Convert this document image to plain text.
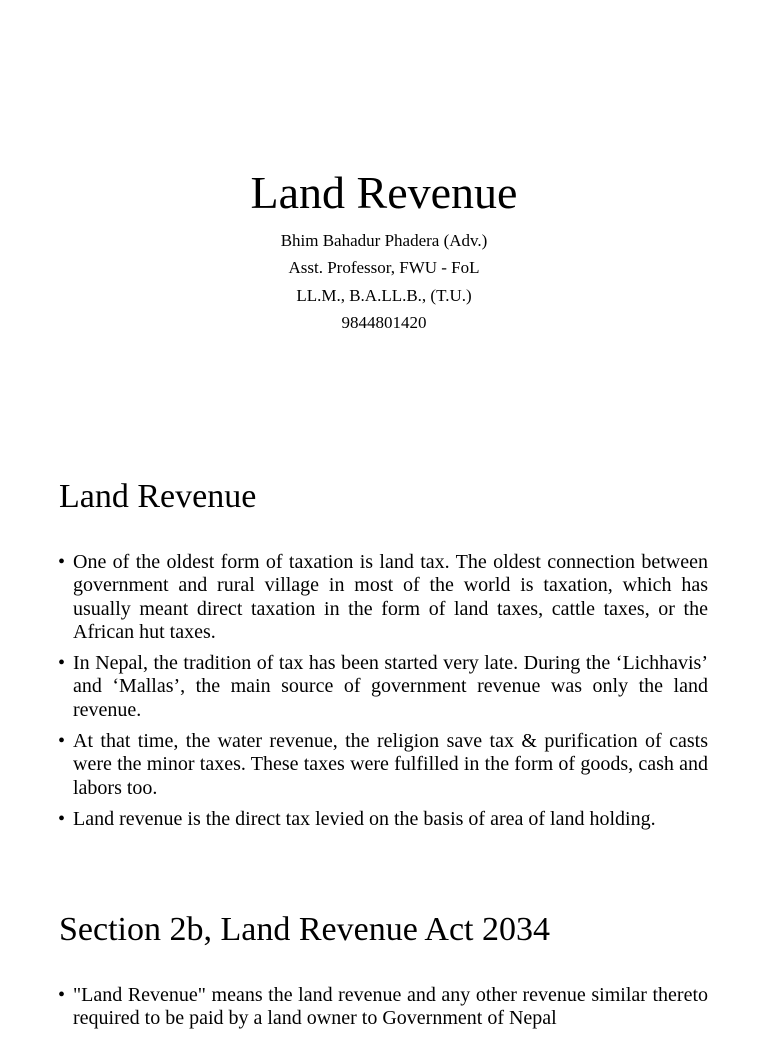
Land Revenue
Bhim Bahadur Phadera (Adv.)
Asst. Professor, FWU - FoL
LL.M., B.A.LL.B., (T.U.)
9844801420
Land Revenue
• One of the oldest form of taxation is land tax. The oldest connection between government and rural village in most of the world is taxation, which has usually meant direct taxation in the form of land taxes, cattle taxes, or the African hut taxes.
• In Nepal, the tradition of tax has been started very late. During the ‘Lichhavis’ and ‘Mallas’, the main source of government revenue was only the land revenue.
• At that time, the water revenue, the religion save tax & purification of casts were the minor taxes. These taxes were fulfilled in the form of goods, cash and labors too.
• Land revenue is the direct tax levied on the basis of area of land holding.
Section 2b, Land Revenue Act 2034
• "Land Revenue" means the land revenue and any other revenue similar thereto required to be paid by a land owner to Government of Nepal
